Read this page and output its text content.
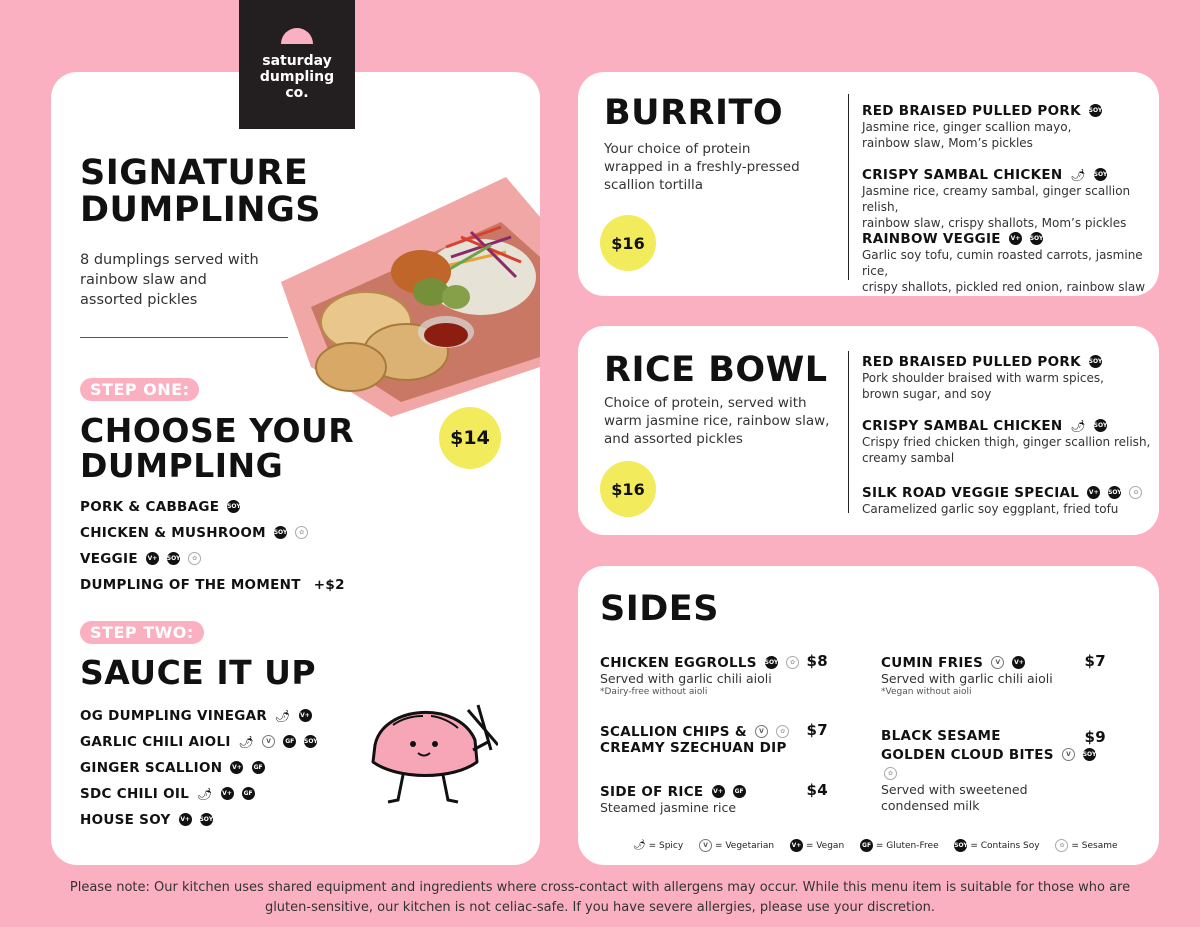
SIGNATURE
DUMPLINGS
8 dumplings served with
rainbow slaw and
assorted pickles
$14
STEP ONE:
CHOOSE YOUR
DUMPLING
PORK & CABBAGE SOY
CHICKEN & MUSHROOM SOY ✿
VEGGIE V+ SOY ✿
DUMPLING OF THE MOMENT +$2
STEP TWO:
SAUCE IT UP
OG DUMPLING VINEGAR 🌶 V+
GARLIC CHILI AIOLI 🌶 V GF SOY
GINGER SCALLION V+ GF
SDC CHILI OIL 🌶 V+ GF
HOUSE SOY V+ SOY
saturday
dumpling
co.	BURRITO
Your choice of protein
wrapped in a freshly-pressed
scallion tortilla
$16
RED BRAISED PULLED PORK SOY
Jasmine rice, ginger scallion mayo,
rainbow slaw, Mom’s pickles
CRISPY SAMBAL CHICKEN 🌶 SOY
Jasmine rice, creamy sambal, ginger scallion relish,
rainbow slaw, crispy shallots, Mom’s pickles
RAINBOW VEGGIE V+ SOY
Garlic soy tofu, cumin roasted carrots, jasmine rice,
crispy shallots, pickled red onion, rainbow slaw
RICE BOWL
Choice of protein, served with
warm jasmine rice, rainbow slaw,
and assorted pickles
$16
RED BRAISED PULLED PORK SOY
Pork shoulder braised with warm spices,
brown sugar, and soy
CRISPY SAMBAL CHICKEN 🌶 SOY
Crispy fried chicken thigh, ginger scallion relish,
creamy sambal
SILK ROAD VEGGIE SPECIAL V+ SOY ✿
Caramelized garlic soy eggplant, fried tofu
SIDES
CHICKEN EGGROLLS SOY ✿ $8
Served with garlic chili aioli
*Dairy-free without aioli
SCALLION CHIPS & V	✿ $7
CREAMY SZECHUAN DIP
SIDE OF RICE V+ GF	$4
Steamed jasmine rice
CUMIN FRIES V V+	$7
Served with garlic chili aioli
*Vegan without aioli
BLACK SESAME	$9
GOLDEN CLOUD BITES V SOY ✿
Served with sweetened
condensed milk
🌶 = Spicy	V = Vegetarian	V+ = Vegan	GF = Gluten-Free	SOY = Contains Soy	✿ = Sesame
Please note: Our kitchen uses shared equipment and ingredients where cross-contact with allergens may occur. While this menu item is suitable for those who are
gluten-sensitive, our kitchen is not celiac-safe. If you have severe allergies, please use your discretion.
